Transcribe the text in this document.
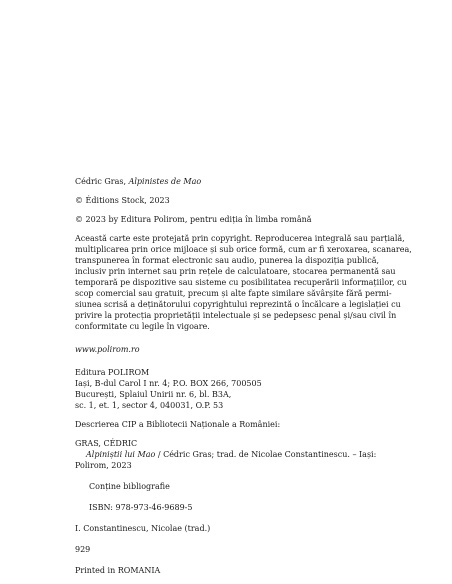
Cédric Gras, Alpinistes de Mao
© Éditions Stock, 2023
© 2023 by Editura Polirom, pentru ediția în limba română
Această carte este protejată prin copyright. Reproducerea integrală sau parțială,
multiplicarea prin orice mijloace și sub orice formă, cum ar fi xeroxarea, scanarea,
transpunerea în format electronic sau audio, punerea la dispoziția publică,
inclusiv prin internet sau prin rețele de calculatoare, stocarea permanentă sau
temporară pe dispozitive sau sisteme cu posibilitatea recuperării informațiilor, cu
scop comercial sau gratuit, precum și alte fapte similare săvârșite fără permi-
siunea scrisă a deținătorului copyrightului reprezintă o încălcare a legislației cu
privire la protecția proprietății intelectuale și se pedepsesc penal și/sau civil în
conformitate cu legile în vigoare.
www.polirom.ro
Editura POLIROM
Iași, B-dul Carol I nr. 4; P.O. BOX 266, 700505
București, Splaiul Unirii nr. 6, bl. B3A,
sc. 1, et. 1, sector 4, 040031, O.P. 53
Descrierea CIP a Bibliotecii Naționale a României:
GRAS, CÉDRIC
Alpiniștii lui Mao / Cédric Gras; trad. de Nicolae Constantinescu. – Iași:
Polirom, 2023
Conține bibliografie
ISBN: 978-973-46-9689-5
I. Constantinescu, Nicolae (trad.)
929
Printed in ROMANIA
